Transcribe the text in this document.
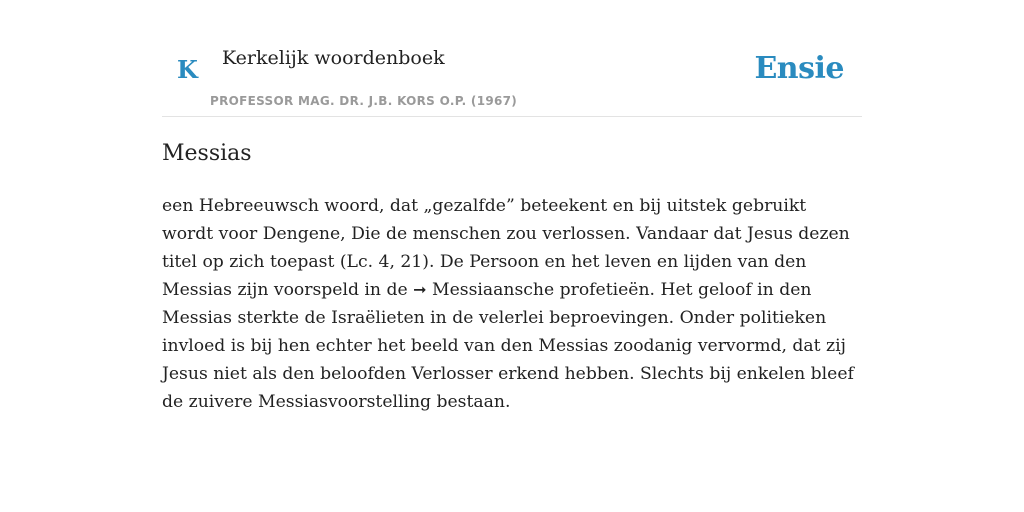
K Kerkelijk woordenboek
PROFESSOR MAG. DR. J.B. KORS O.P. (1967)
Ensie
Messias

een Hebreeuwsch woord, dat „gezalfde” beteekent en bij uitstek gebruikt wordt voor Dengene, Die de menschen zou verlossen. Vandaar dat Jesus dezen titel op zich toepast (Lc. 4, 21). De Persoon en het leven en lijden van den Messias zijn voorspeld in de ➞ Messiaansche profetieën. Het geloof in den Messias sterkte de Israëlieten in de velerlei beproevingen. Onder politieken invloed is bij hen echter het beeld van den Messias zoodanig vervormd, dat zij Jesus niet als den beloofden Verlosser erkend hebben. Slechts bij enkelen bleef de zuivere Messiasvoorstelling bestaan.
